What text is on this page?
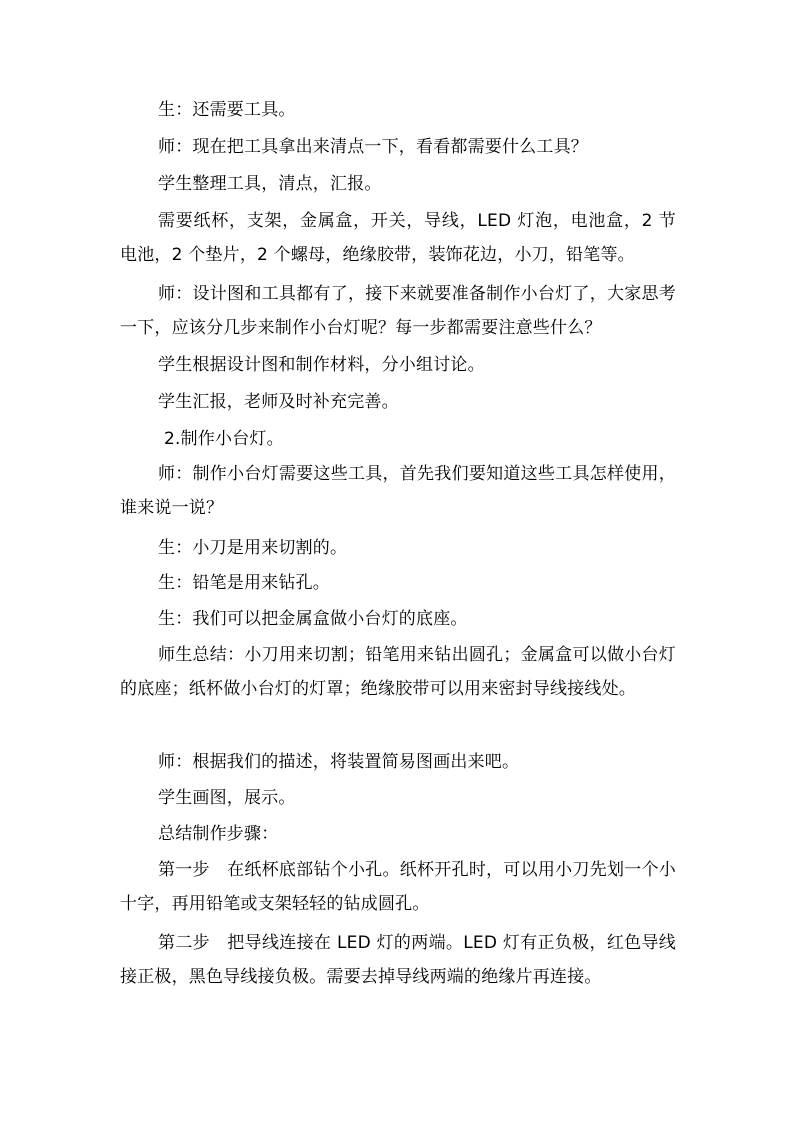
生：还需要工具。

师：现在把工具拿出来清点一下，看看都需要什么工具？

学生整理工具，清点，汇报。

需要纸杯，支架，金属盒，开关，导线，LED 灯泡，电池盒，2 节电池，2 个垫片，2 个螺母，绝缘胶带，装饰花边，小刀，铅笔等。

师：设计图和工具都有了，接下来就要准备制作小台灯了，大家思考一下，应该分几步来制作小台灯呢？每一步都需要注意些什么？

学生根据设计图和制作材料，分小组讨论。

学生汇报，老师及时补充完善。

2.制作小台灯。

师：制作小台灯需要这些工具，首先我们要知道这些工具怎样使用，谁来说一说？

生：小刀是用来切割的。

生：铅笔是用来钻孔。

生：我们可以把金属盒做小台灯的底座。

师生总结：小刀用来切割；铅笔用来钻出圆孔；金属盒可以做小台灯的底座；纸杯做小台灯的灯罩；绝缘胶带可以用来密封导线接线处。

师：根据我们的描述，将装置简易图画出来吧。

学生画图，展示。

总结制作步骤：

第一步　在纸杯底部钻个小孔。纸杯开孔时，可以用小刀先划一个小十字，再用铅笔或支架轻轻的钻成圆孔。

第二步　把导线连接在 LED 灯的两端。LED 灯有正负极，红色导线接正极，黑色导线接负极。需要去掉导线两端的绝缘片再连接。
